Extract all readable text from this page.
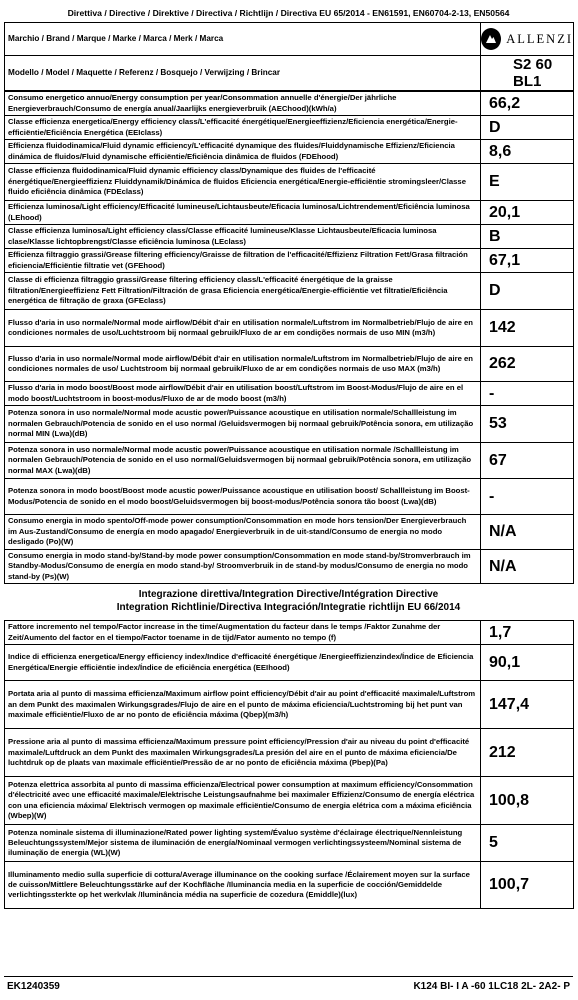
Direttiva / Directive / Direktive / Directiva / Richtlijn / Directiva EU 65/2014 - EN61591, EN60704-2-13, EN50564
Marchio / Brand / Marque / Marke / Marca / Merk / Marca	ALLENZI

Modello / Model / Maquette / Referenz / Bosquejo / Verwijzing / Brincar	S2 60 BL1
Consumo energetico annuo/Energy consumption per year/Consommation annuelle d'énergie/Der jährliche Energieverbrauch/Consumo de energía anual/Jaarlijks energieverbruik (AEChood)(kWh/a)	66,2
Classe efficienza energetica/Energy efficiency class/L'efficacité énergétique/Energieeffizienz/Eficiencia energética/Energie-efficiëntie/Eficiência Energética (EEIclass)	D
Efficienza fluidodinamica/Fluid dynamic efficiency/L'efficacité dynamique des fluides/Fluiddynamische Effizienz/Eficiencia dinámica de fluidos/Fluid dynamische efficiëntie/Eficiência dinâmica de fluidos (FDEhood)	8,6
Classe efficienza fluidodinamica/Fluid dynamic efficiency class/Dynamique des fluides de l'efficacité énergétique/Energieeffizienz Fluiddynamik/Dinámica de fluidos Eficiencia energética/Energie-efficiëntie stromingsleer/Classe fluido eficiência dinâmica (FDEclass)	E
Efficienza luminosa/Light efficiency/Efficacité lumineuse/Lichtausbeute/Eficacia luminosa/Lichtrendement/Eficiência luminosa (LEhood)	20,1
Classe efficienza luminosa/Light efficiency class/Classe efficacité lumineuse/Klasse Lichtausbeute/Eficacia luminosa clase/Klasse lichtopbrengst/Classe eficiência luminosa (LEclass)	B
Efficienza filtraggio grassi/Grease filtering efficiency/Graisse de filtration de l'efficacité/Effizienz Filtration Fett/Grasa filtración eficiencia/Efficiëntie filtratie vet (GFEhood)	67,1
Classe di efficienza filtraggio grassi/Grease filtering efficiency class/L'efficacité énergétique de la graisse filtration/Energieeffizienz Fett Filtration/Filtración de grasa Eficiencia energética/Energie-efficiëntie vet filtratie/Eficiência energética de filtração de graxa (GFEclass)	D
Flusso d'aria in uso normale/Normal mode airflow/Débit d'air en utilisation normale/Luftstrom im Normalbetrieb/Flujo de aire en condiciones normales de uso/Luchtstroom bij normaal gebruik/Fluxo de ar em condições normais de uso MIN (m3/h)	142
Flusso d'aria in uso normale/Normal mode airflow/Débit d'air en utilisation normale/Luftstrom im Normalbetrieb/Flujo de aire en condiciones normales de uso/ Luchtstroom bij normaal gebruik/Fluxo de ar em condições normais de uso MAX (m3/h)	262
Flusso d'aria in modo boost/Boost mode airflow/Débit d'air en utilisation boost/Luftstrom im Boost-Modus/Flujo de aire en el modo boost/Luchtstroom in boost-modus/Fluxo de ar de modo boost (m3/h)	-
Potenza sonora in uso normale/Normal mode acustic power/Puissance acoustique en utilisation normale/Schallleistung im normalen Gebrauch/Potencia de sonido en el uso normal /Geluidsvermogen bij normaal gebruik/Potência sonora, em utilização normal MIN (Lwa)(dB)	53
Potenza sonora in uso normale/Normal mode acustic power/Puissance acoustique en utilisation normale /Schallleistung im normalen Gebrauch/Potencia de sonido en el uso normal/Geluidsvermogen bij normaal gebruik/Potência sonora, em utilização normal MAX (Lwa)(dB)	67
Potenza sonora in modo boost/Boost mode acustic power/Puissance acoustique en utilisation boost/ Schallleistung im Boost-Modus/Potencia de sonido en el modo boost/Geluidsvermogen bij boost-modus/Potência sonora tão boost (Lwa)(dB)	-
Consumo energia in modo spento/Off-mode power consumption/Consommation en mode hors tension/Der Energieverbrauch im Aus-Zustand/Consumo de energía en modo apagado/ Energieverbruik in de uit-stand/Consumo de energia no modo desligado (Po)(W)	N/A
Consumo energia in modo stand-by/Stand-by mode power consumption/Consommation en mode stand-by/Stromverbrauch im Standby-Modus/Consumo de energía en modo stand-by/ Stroomverbruik in de stand-by modus/Consumo de energia no modo stand-by (Ps)(W)	N/A
Integrazione direttiva/Integration Directive/Intégration Directive
Integration Richtlinie/Directiva Integración/Integratie richtlijn EU 66/2014
Fattore incremento nel tempo/Factor increase in the time/Augmentation du facteur dans le temps /Faktor Zunahme der Zeit/Aumento del factor en el tiempo/Factor toename in de tijd/Fator aumento no tempo (f)	1,7
Indice di efficienza energetica/Energy efficiency index/Indice d'efficacité énergétique /Energieeffizienzindex/Índice de Eficiencia Energética/Energie efficiëntie index/Índice de eficiência energética (EEIhood)	90,1
Portata aria al punto di massima efficienza/Maximum airflow point efficiency/Débit d'air au point d'efficacité maximale/Luftstrom an dem Punkt des maximalen Wirkungsgrades/Flujo de aire en el punto de máxima eficiencia/Luchtstroming bij het punt van maximale efficiëntie/Fluxo de ar no ponto de eficiência máxima (Qbep)(m3/h)	147,4
Pressione aria al punto di massima efficienza/Maximum pressure point efficiency/Pression d'air au niveau du point d'efficacité maximale/Luftdruck an dem Punkt des maximalen Wirkungsgrades/La presión del aire en el punto de máxima eficiencia/De luchtdruk op de plaats van maximale efficiëntie/Pressão de ar no ponto de eficiência máxima (Pbep)(Pa)	212
Potenza elettrica assorbita al punto di massima efficienza/Electrical power consumption at maximum efficiency/Consommation d'électricité avec une efficacité maximale/Elektrische Leistungsaufnahme bei maximaler Effizienz/Consumo de energía eléctrica con una eficiencia máxima/ Elektrisch vermogen op maximale efficiëntie/Consumo de energia elétrica com a máxima eficiência (Wbep)(W)	100,8
Potenza nominale sistema di illuminazione/Rated power lighting system/Évaluo système d'éclairage électrique/Nennleistung Beleuchtungssystem/Mejor sistema de iluminación de energía/Nominaal vermogen verlichtingssysteem/Nominal sistema de iluminação de energia (WL)(W)	5
Illuminamento medio sulla superficie di cottura/Average illuminance on the cooking surface /Éclairement moyen sur la surface de cuisson/Mittlere Beleuchtungsstärke auf der Kochfläche /Iluminancia media en la superficie de cocción/Gemiddelde verlichtingssterkte op het werkvlak /Iluminância média na superficie de cozedura (Emiddle)(lux)	100,7
EK1240359	K124 BI- I A -60 1LC18 2L- 2A2- P
